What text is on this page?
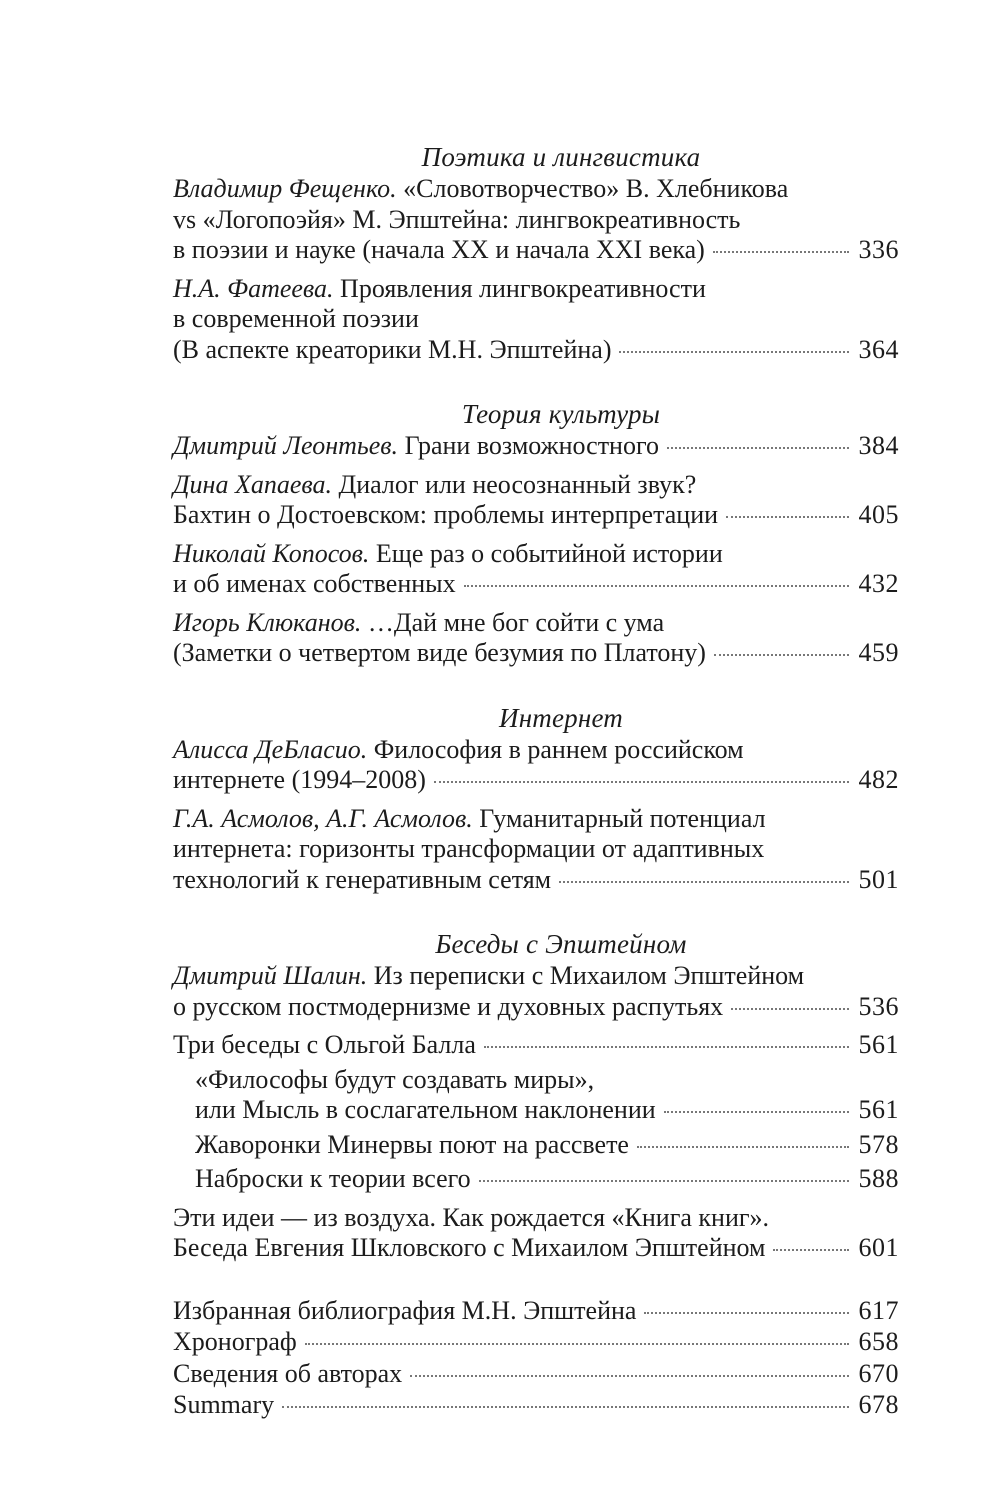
Поэтика и лингвистика

Владимир Фещенко. «Словотворчество» В. Хлебникова
vs «Логопоэйя» М. Эпштейна: лингвокреативность
в поэзии и науке (начала XX и начала XXI века)	336
Н.А. Фатеева. Проявления лингвокреативности
в современной поэзии
(В аспекте креаторики М.Н. Эпштейна)	364

Теория культуры

Дмитрий Леонтьев. Грани возможностного	384
Дина Хапаева. Диалог или неосознанный звук?
Бахтин о Достоевском: проблемы интерпретации	405
Николай Копосов. Еще раз о событийной истории
и об именах собственных	432
Игорь Клюканов. …Дай мне бог сойти с ума
(Заметки о четвертом виде безумия по Платону)	459

Интернет

Алисса ДеБласио. Философия в раннем российском
интернете (1994–2008)	482
Г.А. Асмолов, А.Г. Асмолов. Гуманитарный потенциал
интернета: горизонты трансформации от адаптивных
технологий к генеративным сетям	501

Беседы с Эпштейном

Дмитрий Шалин. Из переписки с Михаилом Эпштейном
о русском постмодернизме и духовных распутьях	536
Три беседы с Ольгой Балла	561
«Философы будут создавать миры»,
или Мысль в сослагательном наклонении	561
Жаворонки Минервы поют на рассвете	578
Наброски к теории всего	588
Эти идеи — из воздуха. Как рождается «Книга книг».
Беседа Евгения Шкловского с Михаилом Эпштейном	601
Избранная библиография М.Н. Эпштейна	617
Хронограф	658
Сведения об авторах	670
Summary	678
